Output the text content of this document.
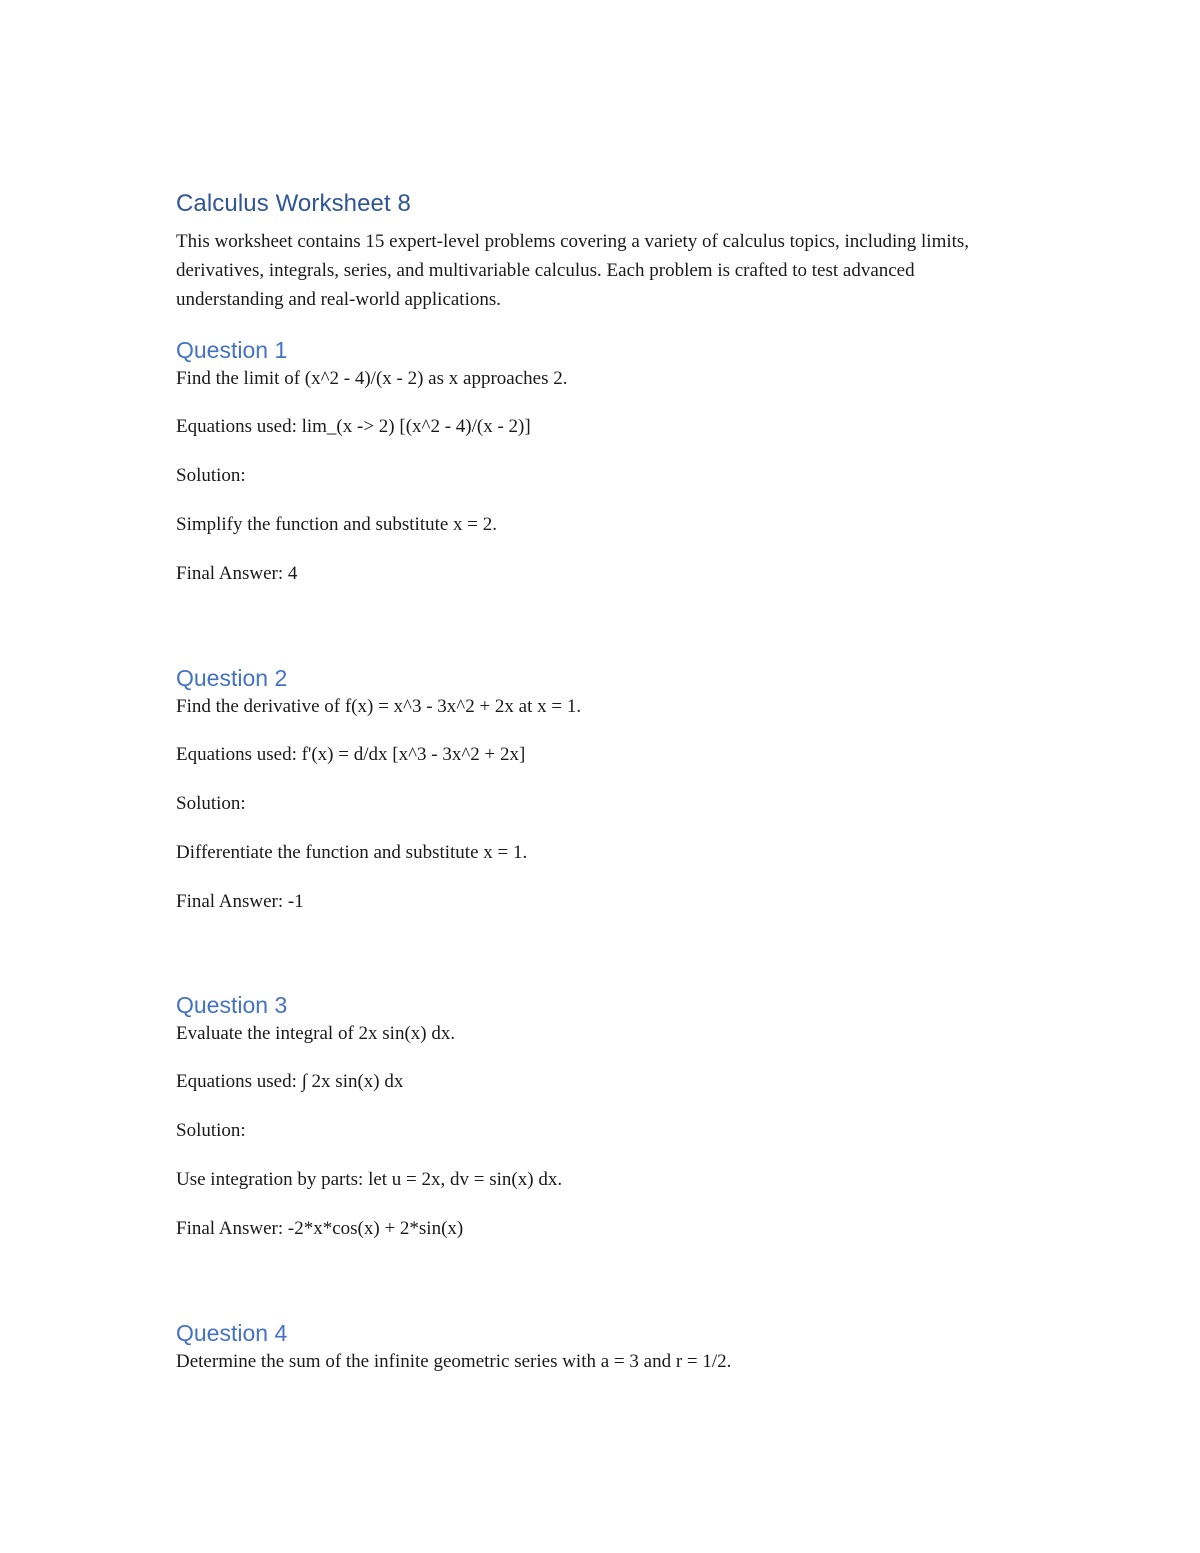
Calculus Worksheet 8

This worksheet contains 15 expert-level problems covering a variety of calculus topics, including limits, derivatives, integrals, series, and multivariable calculus. Each problem is crafted to test advanced understanding and real-world applications.

Question 1

Find the limit of (x^2 - 4)/(x - 2) as x approaches 2.

Equations used: lim_(x -> 2) [(x^2 - 4)/(x - 2)]

Solution:

Simplify the function and substitute x = 2.

Final Answer: 4

Question 2

Find the derivative of f(x) = x^3 - 3x^2 + 2x at x = 1.

Equations used: f'(x) = d/dx [x^3 - 3x^2 + 2x]

Solution:

Differentiate the function and substitute x = 1.

Final Answer: -1

Question 3

Evaluate the integral of 2x sin(x) dx.

Equations used: ∫ 2x sin(x) dx

Solution:

Use integration by parts: let u = 2x, dv = sin(x) dx.

Final Answer: -2*x*cos(x) + 2*sin(x)

Question 4

Determine the sum of the infinite geometric series with a = 3 and r = 1/2.
